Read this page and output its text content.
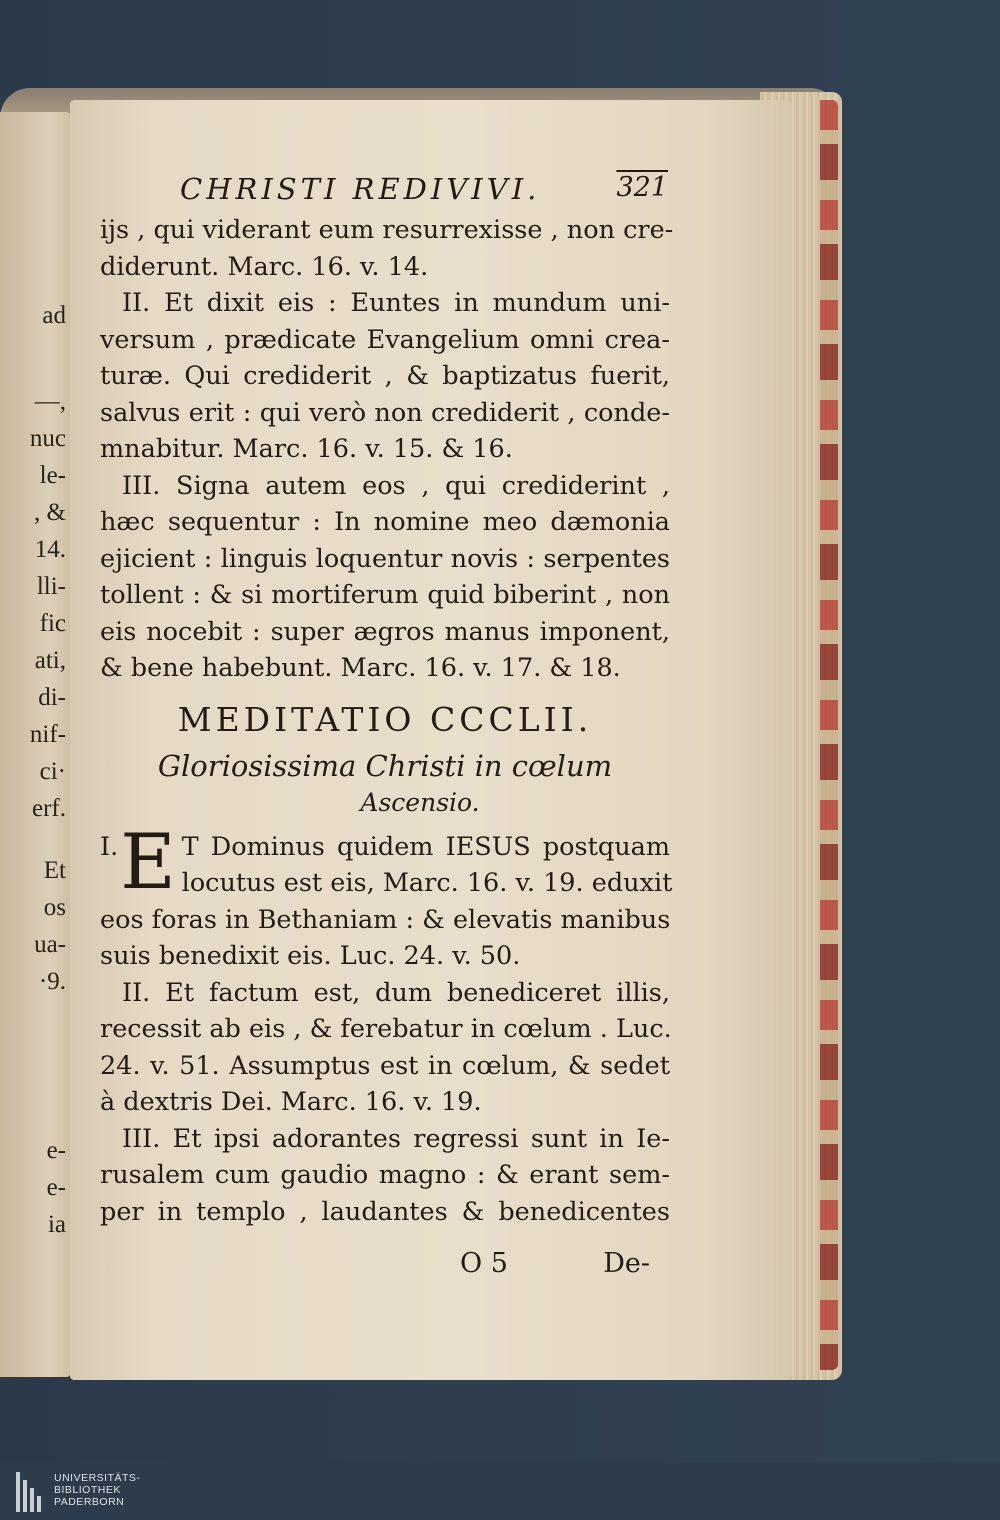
ad
—,
nuc
le-
, &
14.
lli-
fic
ati,
di-
nif-
ci·
erf.
Et
os
ua-
·9.
e-
e-
ia
CHRISTI REDIVIVI.	321
ijs , qui viderant eum resurrexisse , non cre-
diderunt. Marc. 16. v. 14.
II. Et dixit eis : Euntes in mundum uni-
versum , prædicate Evangelium omni crea-
turæ. Qui crediderit , & baptizatus fuerit,
salvus erit : qui verò non crediderit , conde-
mnabitur. Marc. 16. v. 15. & 16.
III. Signa autem eos , qui crediderint ,
hæc sequentur : In nomine meo dæmonia
ejicient : linguis loquentur novis : serpentes
tollent : & si mortiferum quid biberint , non
eis nocebit : super ægros manus imponent,
& bene habebunt. Marc. 16. v. 17. & 18.
MEDITATIO CCCLII.
Gloriosissima Christi in cœlum
Ascensio.
I. E T Dominus quidem IESUS postquam
locutus est eis, Marc. 16. v. 19. eduxit
eos foras in Bethaniam : & elevatis manibus
suis benedixit eis. Luc. 24. v. 50.
II. Et factum est, dum benediceret illis,
recessit ab eis , & ferebatur in cœlum . Luc.
24. v. 51. Assumptus est in cœlum, & sedet
à dextris Dei. Marc. 16. v. 19.
III. Et ipsi adorantes regressi sunt in Ie-
rusalem cum gaudio magno : & erant sem-
per in templo , laudantes & benedicentes
O 5	De-
UNIVERSITÄTS-
BIBLIOTHEK
PADERBORN
